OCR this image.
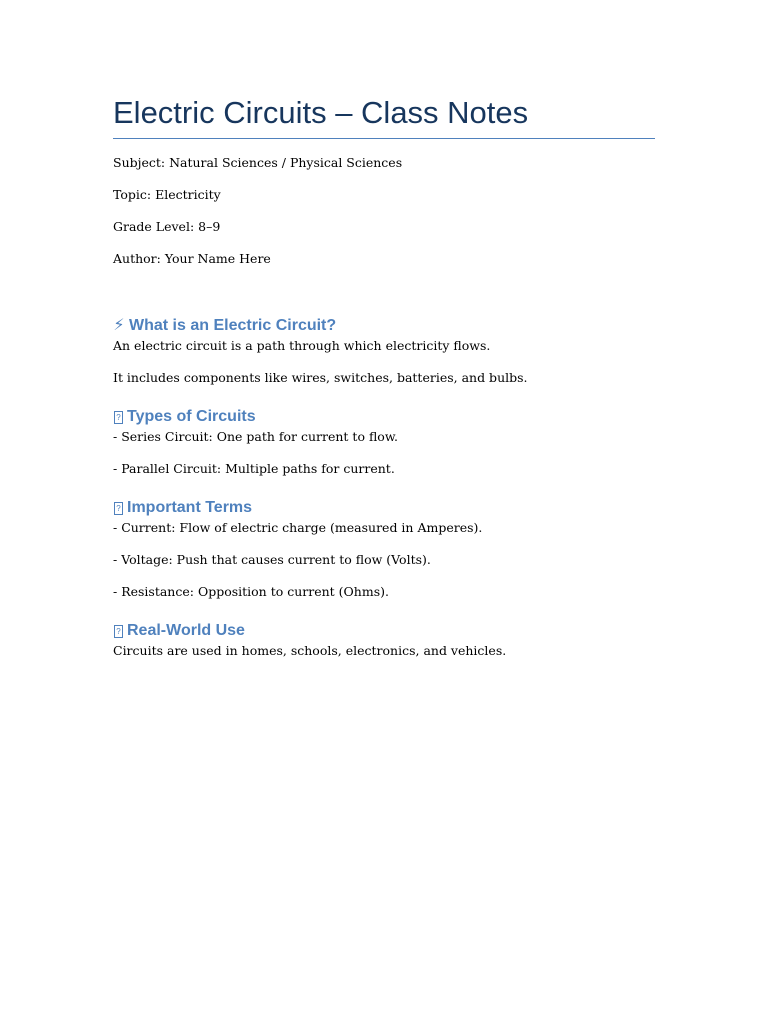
Electric Circuits – Class Notes

Subject: Natural Sciences / Physical Sciences

Topic: Electricity

Grade Level: 8–9

Author: Your Name Here

⚡ What is an Electric Circuit?

An electric circuit is a path through which electricity flows.

It includes components like wires, switches, batteries, and bulbs.

? Types of Circuits

- Series Circuit: One path for current to flow.

- Parallel Circuit: Multiple paths for current.

? Important Terms

- Current: Flow of electric charge (measured in Amperes).

- Voltage: Push that causes current to flow (Volts).

- Resistance: Opposition to current (Ohms).

? Real-World Use

Circuits are used in homes, schools, electronics, and vehicles.
